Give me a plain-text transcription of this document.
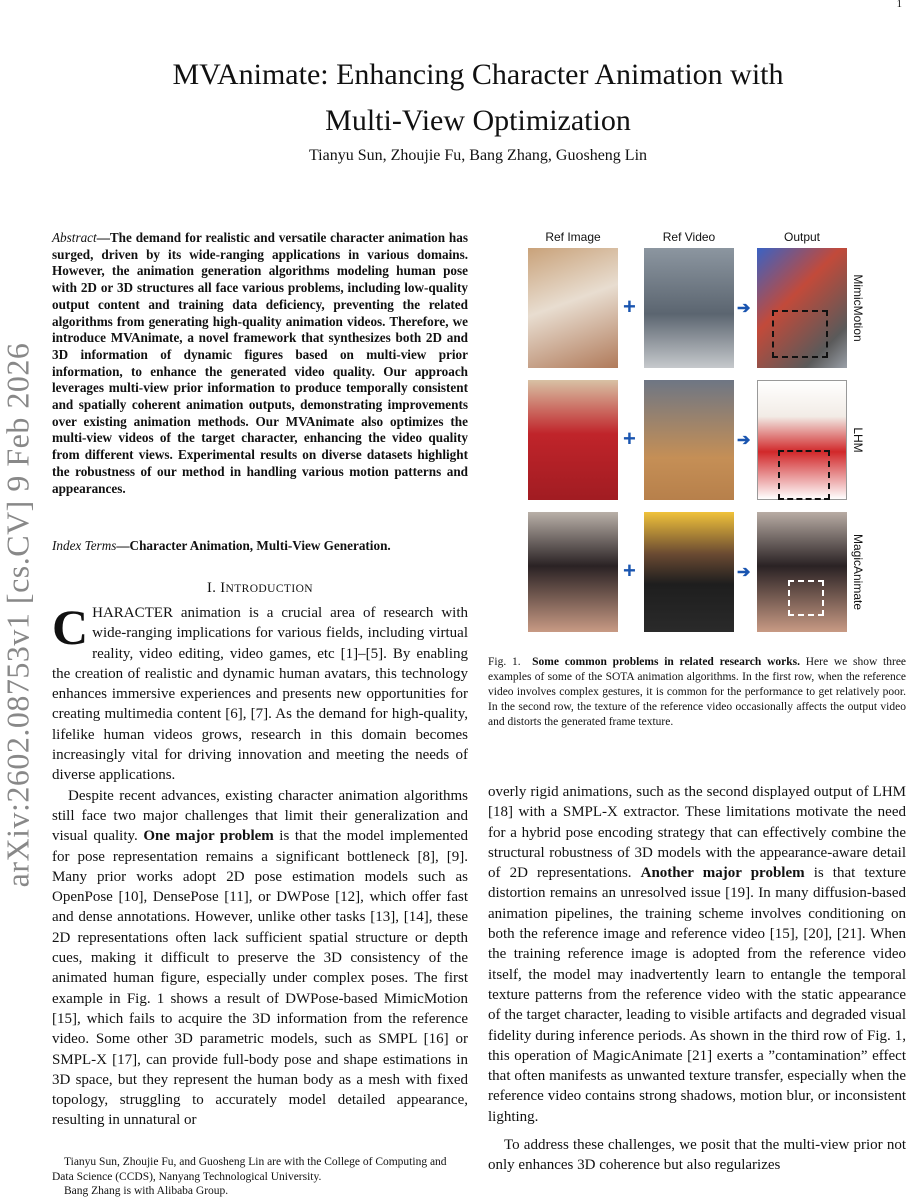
1
arXiv:2602.08753v1 [cs.CV] 9 Feb 2026
MVAnimate: Enhancing Character Animation with
Multi-View Optimization
Tianyu Sun, Zhoujie Fu, Bang Zhang, Guosheng Lin
Abstract—The demand for realistic and versatile character animation has surged, driven by its wide-ranging applications in various domains. However, the animation generation algorithms modeling human pose with 2D or 3D structures all face various problems, including low-quality output content and training data deficiency, preventing the related algorithms from generating high-quality animation videos. Therefore, we introduce MVAnimate, a novel framework that synthesizes both 2D and 3D information of dynamic figures based on multi-view prior information, to enhance the generated video quality. Our approach leverages multi-view prior information to produce temporally consistent and spatially coherent animation outputs, demonstrating improvements over existing animation methods. Our MVAnimate also optimizes the multi-view videos of the target character, enhancing the video quality from different views. Experimental results on diverse datasets highlight the robustness of our method in handling various motion patterns and appearances.
Index Terms—Character Animation, Multi-View Generation.
I. INTRODUCTION

CHARACTER animation is a crucial area of research with wide-ranging implications for various fields, including virtual reality, video editing, video games, etc [1]–[5]. By enabling the creation of realistic and dynamic human avatars, this technology enhances immersive experiences and presents new opportunities for creating multimedia content [6], [7]. As the demand for high-quality, lifelike human videos grows, research in this domain becomes increasingly vital for driving innovation and meeting the needs of diverse applications.

Despite recent advances, existing character animation algorithms still face two major challenges that limit their generalization and visual quality. One major problem is that the model implemented for pose representation remains a significant bottleneck [8], [9]. Many prior works adopt 2D pose estimation models such as OpenPose [10], DensePose [11], or DWPose [12], which offer fast and dense annotations. However, unlike other tasks [13], [14], these 2D representations often lack sufficient spatial structure or depth cues, making it difficult to preserve the 3D consistency of the animated human figure, especially under complex poses. The first example in Fig. 1 shows a result of DWPose-based MimicMotion [15], which fails to acquire the 3D information from the reference video. Some other 3D parametric models, such as SMPL [16] or SMPL-X [17], can provide full-body pose and shape estimations in 3D space, but they represent the human body as a mesh with fixed topology, struggling to accurately model detailed appearance, resulting in unnatural or

Tianyu Sun, Zhoujie Fu, and Guosheng Lin are with the College of Computing and Data Science (CCDS), Nanyang Technological University.

Bang Zhang is with Alibaba Group.

Ref Image	Ref Video	Output
+	➔	MimicMotion
+	➔	LHM
+	➔	MagicAnimate
Fig. 1. Some common problems in related research works. Here we show three examples of some of the SOTA animation algorithms. In the first row, when the reference video involves complex gestures, it is common for the performance to get relatively poor. In the second row, the texture of the reference video occasionally affects the output video and distorts the generated frame texture.

overly rigid animations, such as the second displayed output of LHM [18] with a SMPL-X extractor. These limitations motivate the need for a hybrid pose encoding strategy that can effectively combine the structural robustness of 3D models with the appearance-aware detail of 2D representations. Another major problem is that texture distortion remains an unresolved issue [19]. In many diffusion-based animation pipelines, the training scheme involves conditioning on both the reference image and reference video [15], [20], [21]. When the training reference image is adopted from the reference video itself, the model may inadvertently learn to entangle the temporal texture patterns from the reference video with the static appearance of the target character, leading to visible artifacts and degraded visual fidelity during inference periods. As shown in the third row of Fig. 1, this operation of MagicAnimate [21] exerts a ”contamination” effect that often manifests as unwanted texture transfer, especially when the reference video contains strong shadows, motion blur, or inconsistent lighting.

To address these challenges, we posit that the multi-view prior not only enhances 3D coherence but also regularizes
